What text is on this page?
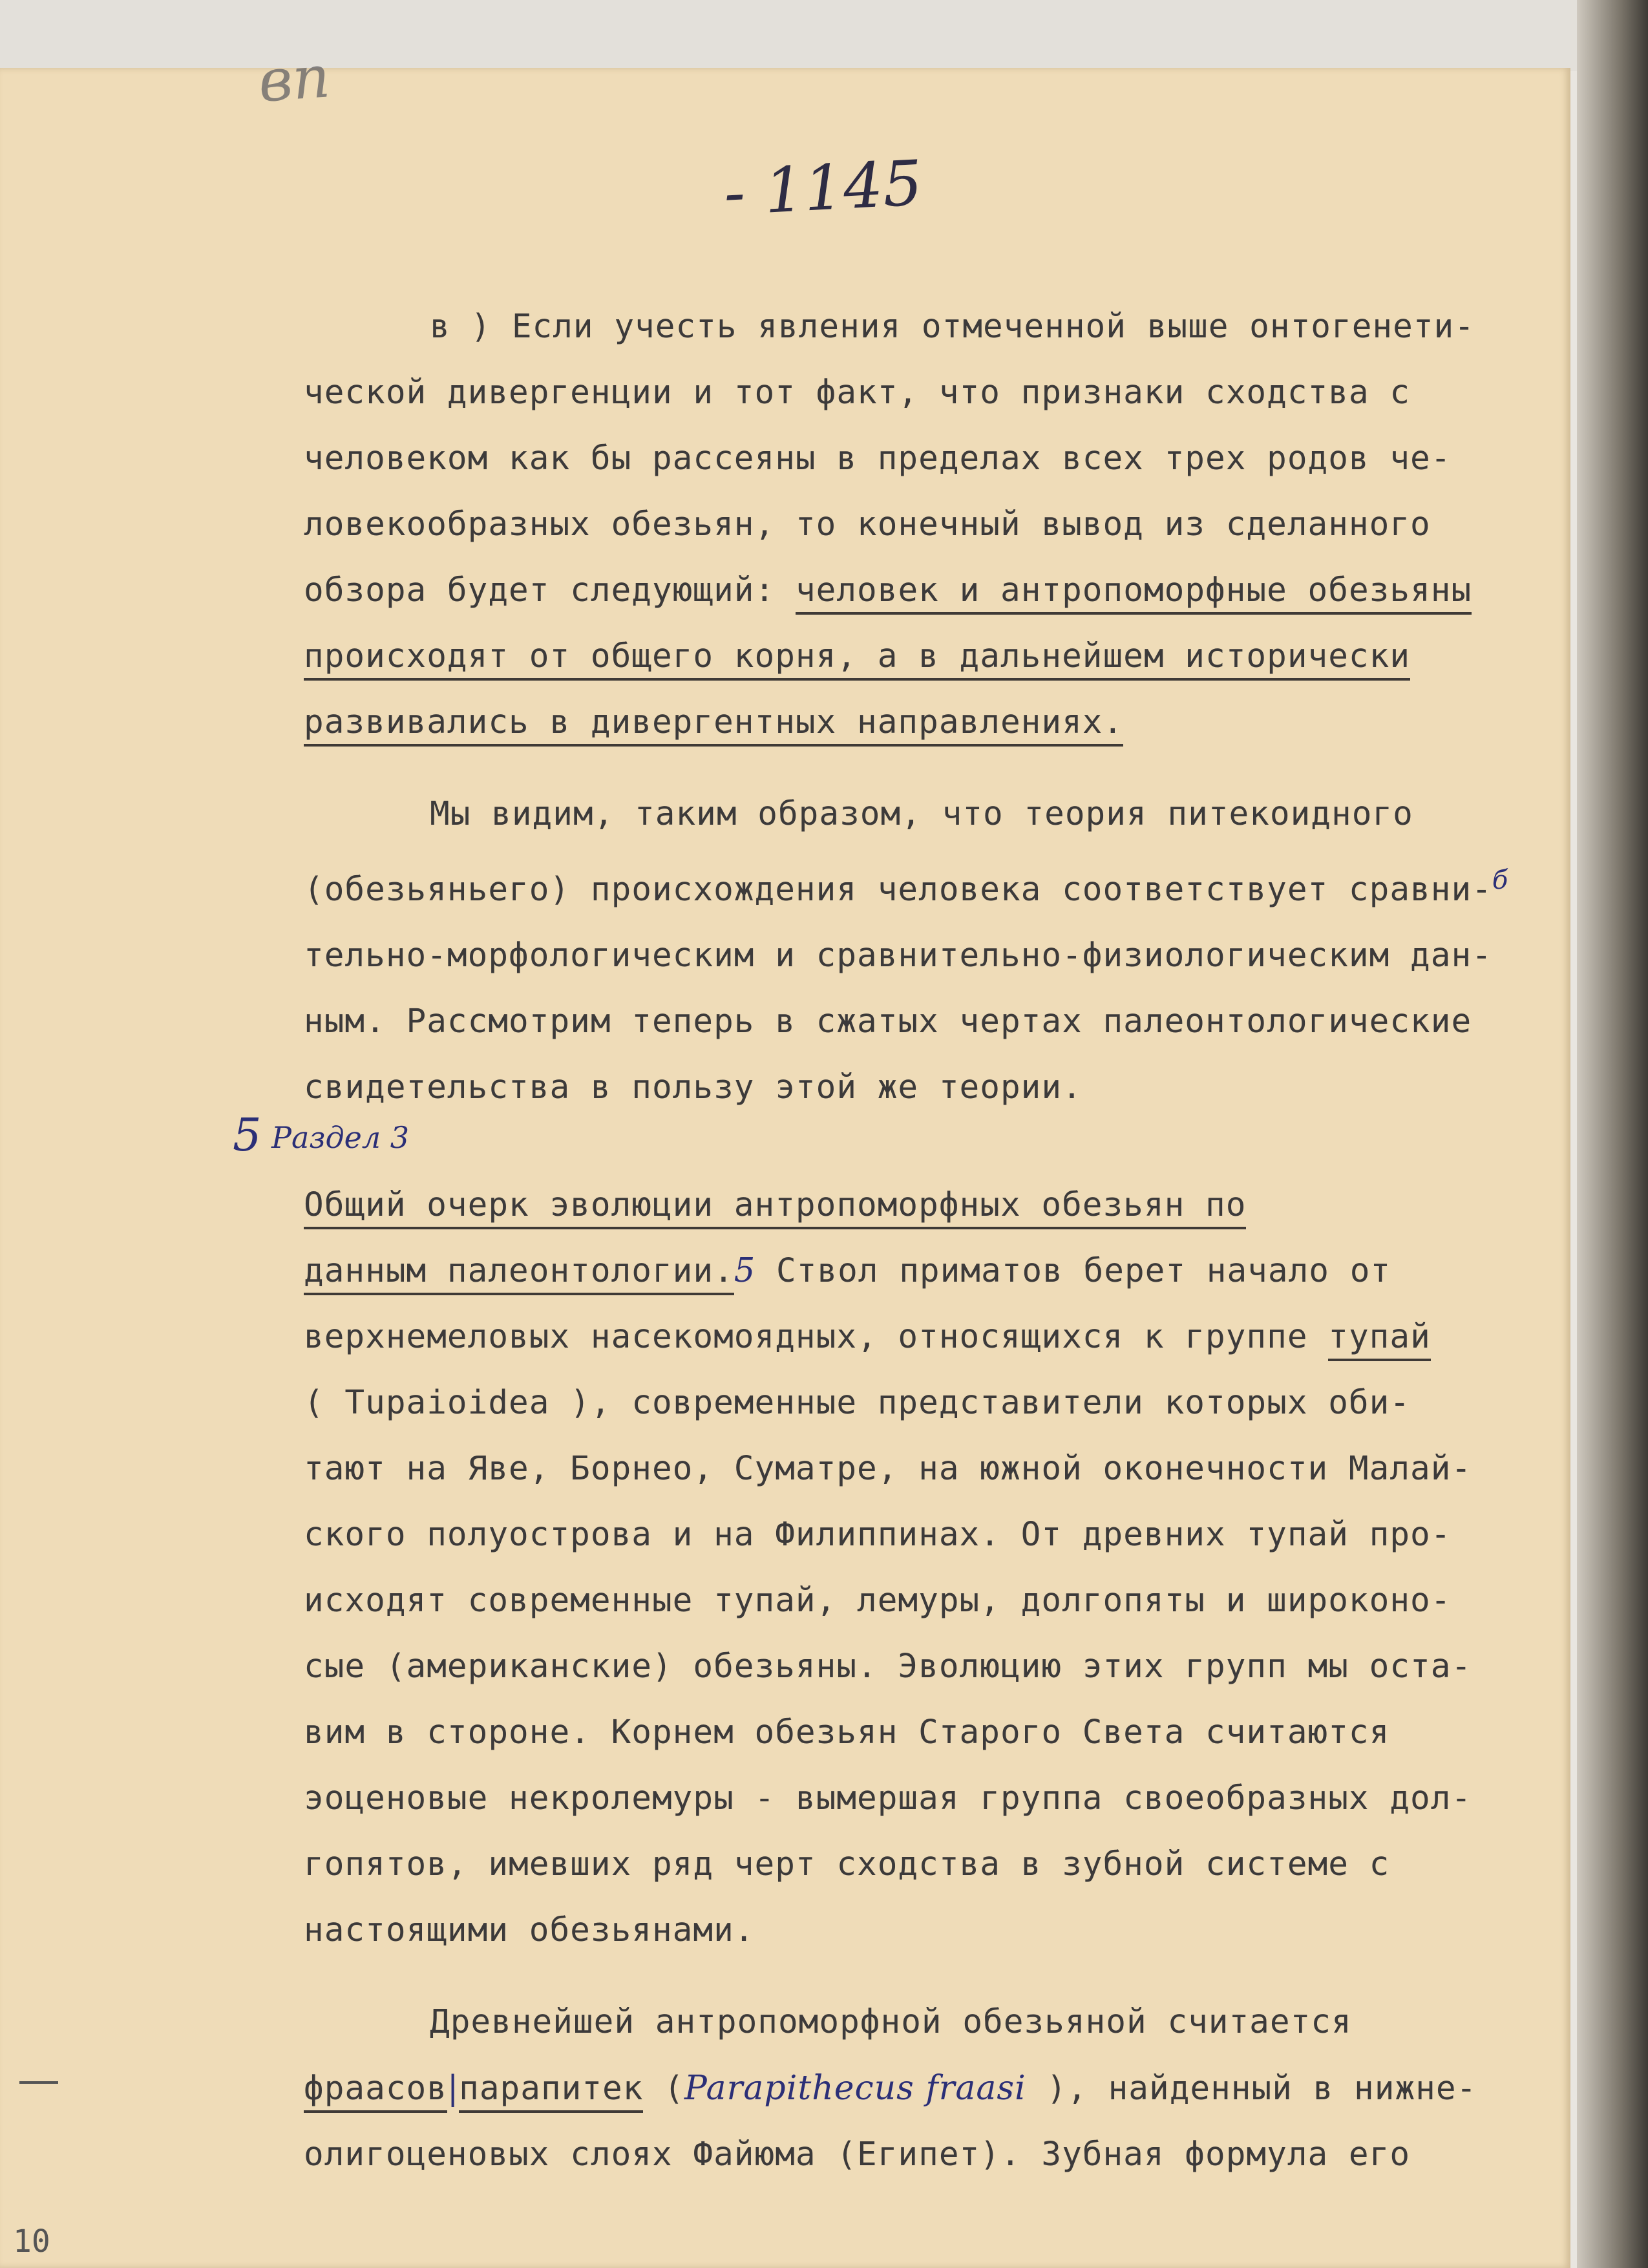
вп
- 1145
5 Раздел 3

в ) Если учесть явления отмеченной выше онтогенети-

ческой дивергенции и тот факт, что признаки сходства с

человеком как бы рассеяны в пределах всех трех родов че-

ловекообразных обезьян, то конечный вывод из сделанного

обзора будет следующий: человек и антропоморфные обезьяны

происходят от общего корня, а в дальнейшем исторически

развивались в дивергентных направлениях.

Мы видим, таким образом, что теория питекоидного

(обезьяньего) происхождения человека соответствует сравни-$^б$

тельно-морфологическим и сравнительно-физиологическим дан-

ным. Рассмотрим теперь в сжатых чертах палеонтологические

свидетельства в пользу этой же теории.

Общий очерк эволюции антропоморфных обезьян по

данным палеонтологии.5 Ствол приматов берет начало от

верхнемеловых насекомоядных, относящихся к группе тупай

( Tupaioidea ), современные представители которых оби-

тают на Яве, Борнео, Суматре, на южной оконечности Малай-

ского полуострова и на Филиппинах. От древних тупай про-

исходят современные тупай, лемуры, долгопяты и широконо-

сые (американские) обезьяны. Эволюцию этих групп мы оста-

вим в стороне. Корнем обезьян Старого Света считаются

эоценовые некролемуры - вымершая группа своеобразных дол-

гопятов, имевших ряд черт сходства в зубной системе с

настоящими обезьянами.

Древнейшей антропоморфной обезьяной считается

фраасов|парапитек (Parapithecus fraasi ), найденный в нижне-

олигоценовых слоях Файюма (Египет). Зубная формула его

10
